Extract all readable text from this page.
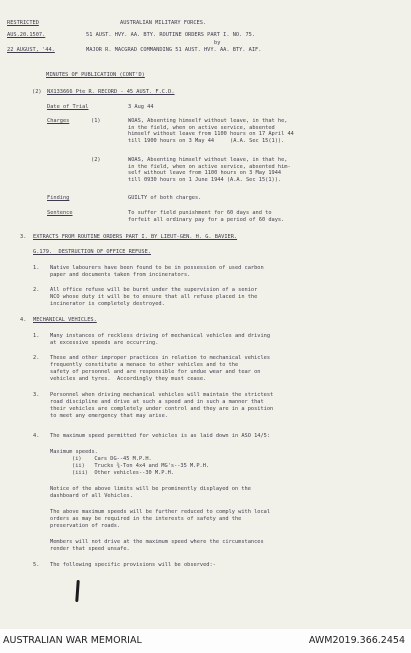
RESTRICTED	AUSTRALIAN MILITARY FORCES.
AUS.20.1507.	51 AUST. HVY. AA. BTY. ROUTINE ORDERS PART I. NO. 75.
by
22 AUGUST, '44.	MAJOR R. MACGRAD COMMANDING 51 AUST. HVY. AA. BTY. AIF.
MINUTES OF PUBLICATION (CONT'D)
(2) NX133666 Pte R. RECORD - 45 AUST. F.C.D.
Date of Trial	3 Aug 44
Charges	(1)	WOAS, Absenting himself without leave, in that he,
in the field, when on active service, absented
himself without leave from 1100 hours on 17 April 44
till 1900 hours on 3 May 44     (A.A. Sec 15(1)).
(2)	WOAS, Absenting himself without leave, in that he,
in the field, when on active service, absented him-
self without leave from 1100 hours on 3 May 1944
till 0930 hours on 1 June 1944 (A.A. Sec 15(1)).
Finding	GUILTY of both charges.
Sentence	To suffer field punishment for 60 days and to
forfeit all ordinary pay for a period of 60 days.
3. EXTRACTS FROM ROUTINE ORDERS PART I. BY LIEUT-GEN. H. G. BAVIER.
G.179.  DESTRUCTION OF OFFICE REFUSE.
1. Native labourers have been found to be in possession of used carbon
paper and documents taken from incinerators.
2. All office refuse will be burnt under the supervision of a senior
NCO whose duty it will be to ensure that all refuse placed in the
incinerator is completely destroyed.
4. MECHANICAL VEHICLES.
1. Many instances of reckless driving of mechanical vehicles and driving
at excessive speeds are occurring.
2. These and other improper practices in relation to mechanical vehicles
frequently constitute a menace to other vehicles and to the
safety of personnel and are responsible for undue wear and tear on
vehicles and tyres.  Accordingly they must cease.
3. Personnel when driving mechanical vehicles will maintain the strictest
road discipline and drive at such a speed and in such a manner that
their vehicles are completely under control and they are in a position
to meet any emergency that may arise.
4. The maximum speed permitted for vehicles is as laid down in ASO 14/5:
Maximum speeds.
(i)    Cars DG--45 M.P.H.
(ii)   Trucks ¾-Ton 4x4 and MG's--35 M.P.H.
(iii)  Other vehicles--30 M.P.H.
Notice of the above limits will be prominently displayed on the
dashboard of all Vehicles.
The above maximum speeds will be further reduced to comply with local
orders as may be required in the interests of safety and the
preservation of roads.
Members will not drive at the maximum speed where the circumstances
render that speed unsafe.
5. The following specific provisions will be observed:-
AUSTRALIAN WAR MEMORIAL	AWM2019.366.2454
